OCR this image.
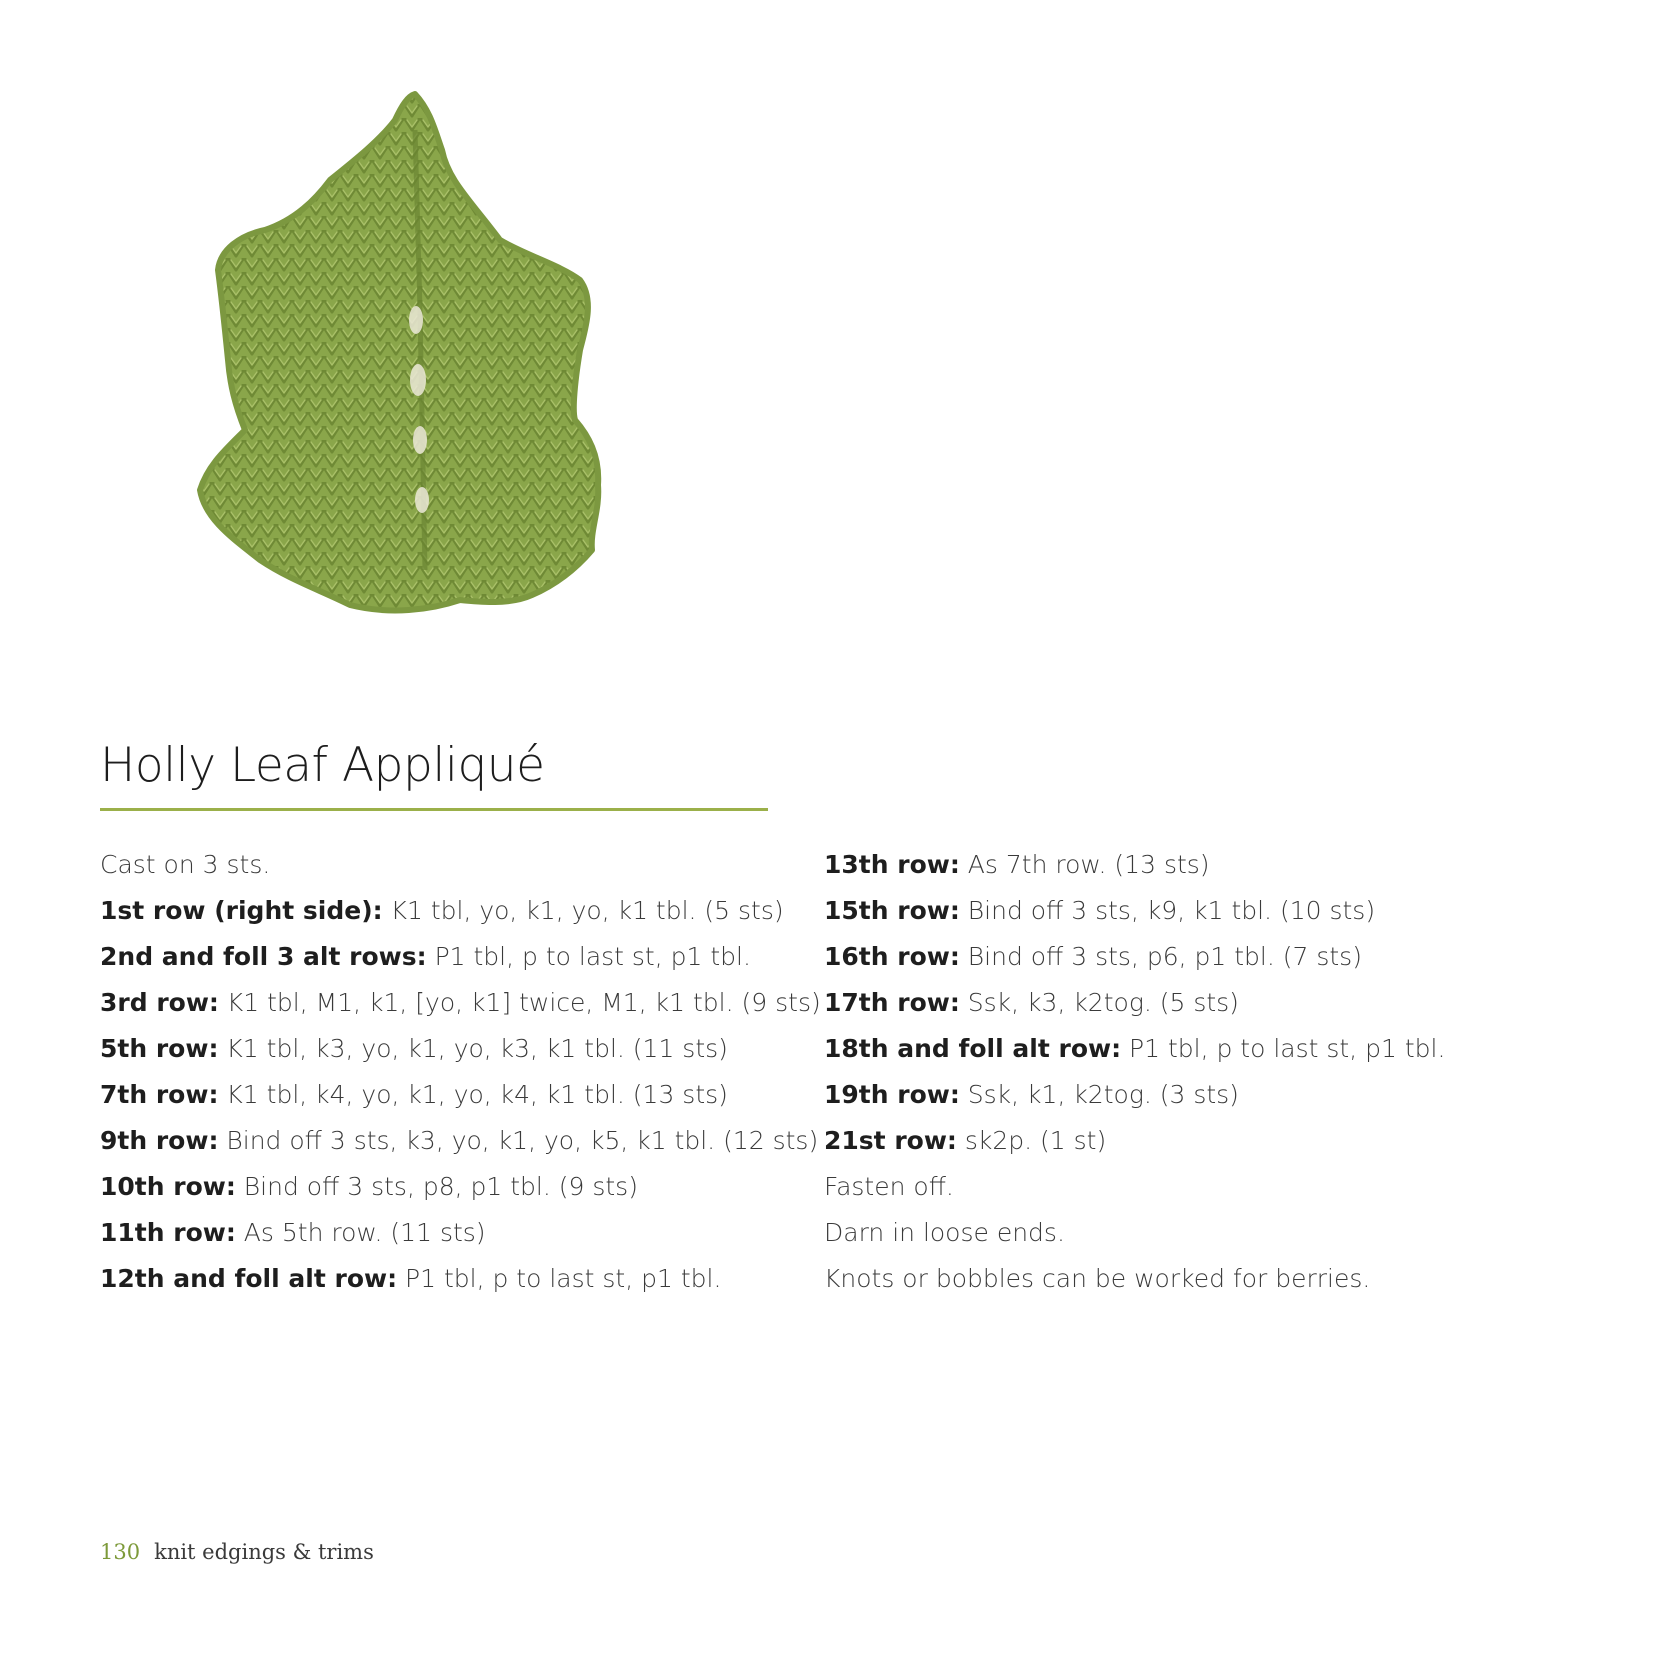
Holly Leaf Appliqué
Cast on 3 sts.
1st row (right side): K1 tbl, yo, k1, yo, k1 tbl. (5 sts)
2nd and foll 3 alt rows: P1 tbl, p to last st, p1 tbl.
3rd row: K1 tbl, M1, k1, [yo, k1] twice, M1, k1 tbl. (9 sts)
5th row: K1 tbl, k3, yo, k1, yo, k3, k1 tbl. (11 sts)
7th row: K1 tbl, k4, yo, k1, yo, k4, k1 tbl. (13 sts)
9th row: Bind off 3 sts, k3, yo, k1, yo, k5, k1 tbl. (12 sts)
10th row: Bind off 3 sts, p8, p1 tbl. (9 sts)
11th row: As 5th row. (11 sts)
12th and foll alt row: P1 tbl, p to last st, p1 tbl.
13th row: As 7th row. (13 sts)
15th row: Bind off 3 sts, k9, k1 tbl. (10 sts)
16th row: Bind off 3 sts, p6, p1 tbl. (7 sts)
17th row: Ssk, k3, k2tog. (5 sts)
18th and foll alt row: P1 tbl, p to last st, p1 tbl.
19th row: Ssk, k1, k2tog. (3 sts)
21st row: sk2p. (1 st)
Fasten off.
Darn in loose ends.
Knots or bobbles can be worked for berries.
130 knit edgings & trims
